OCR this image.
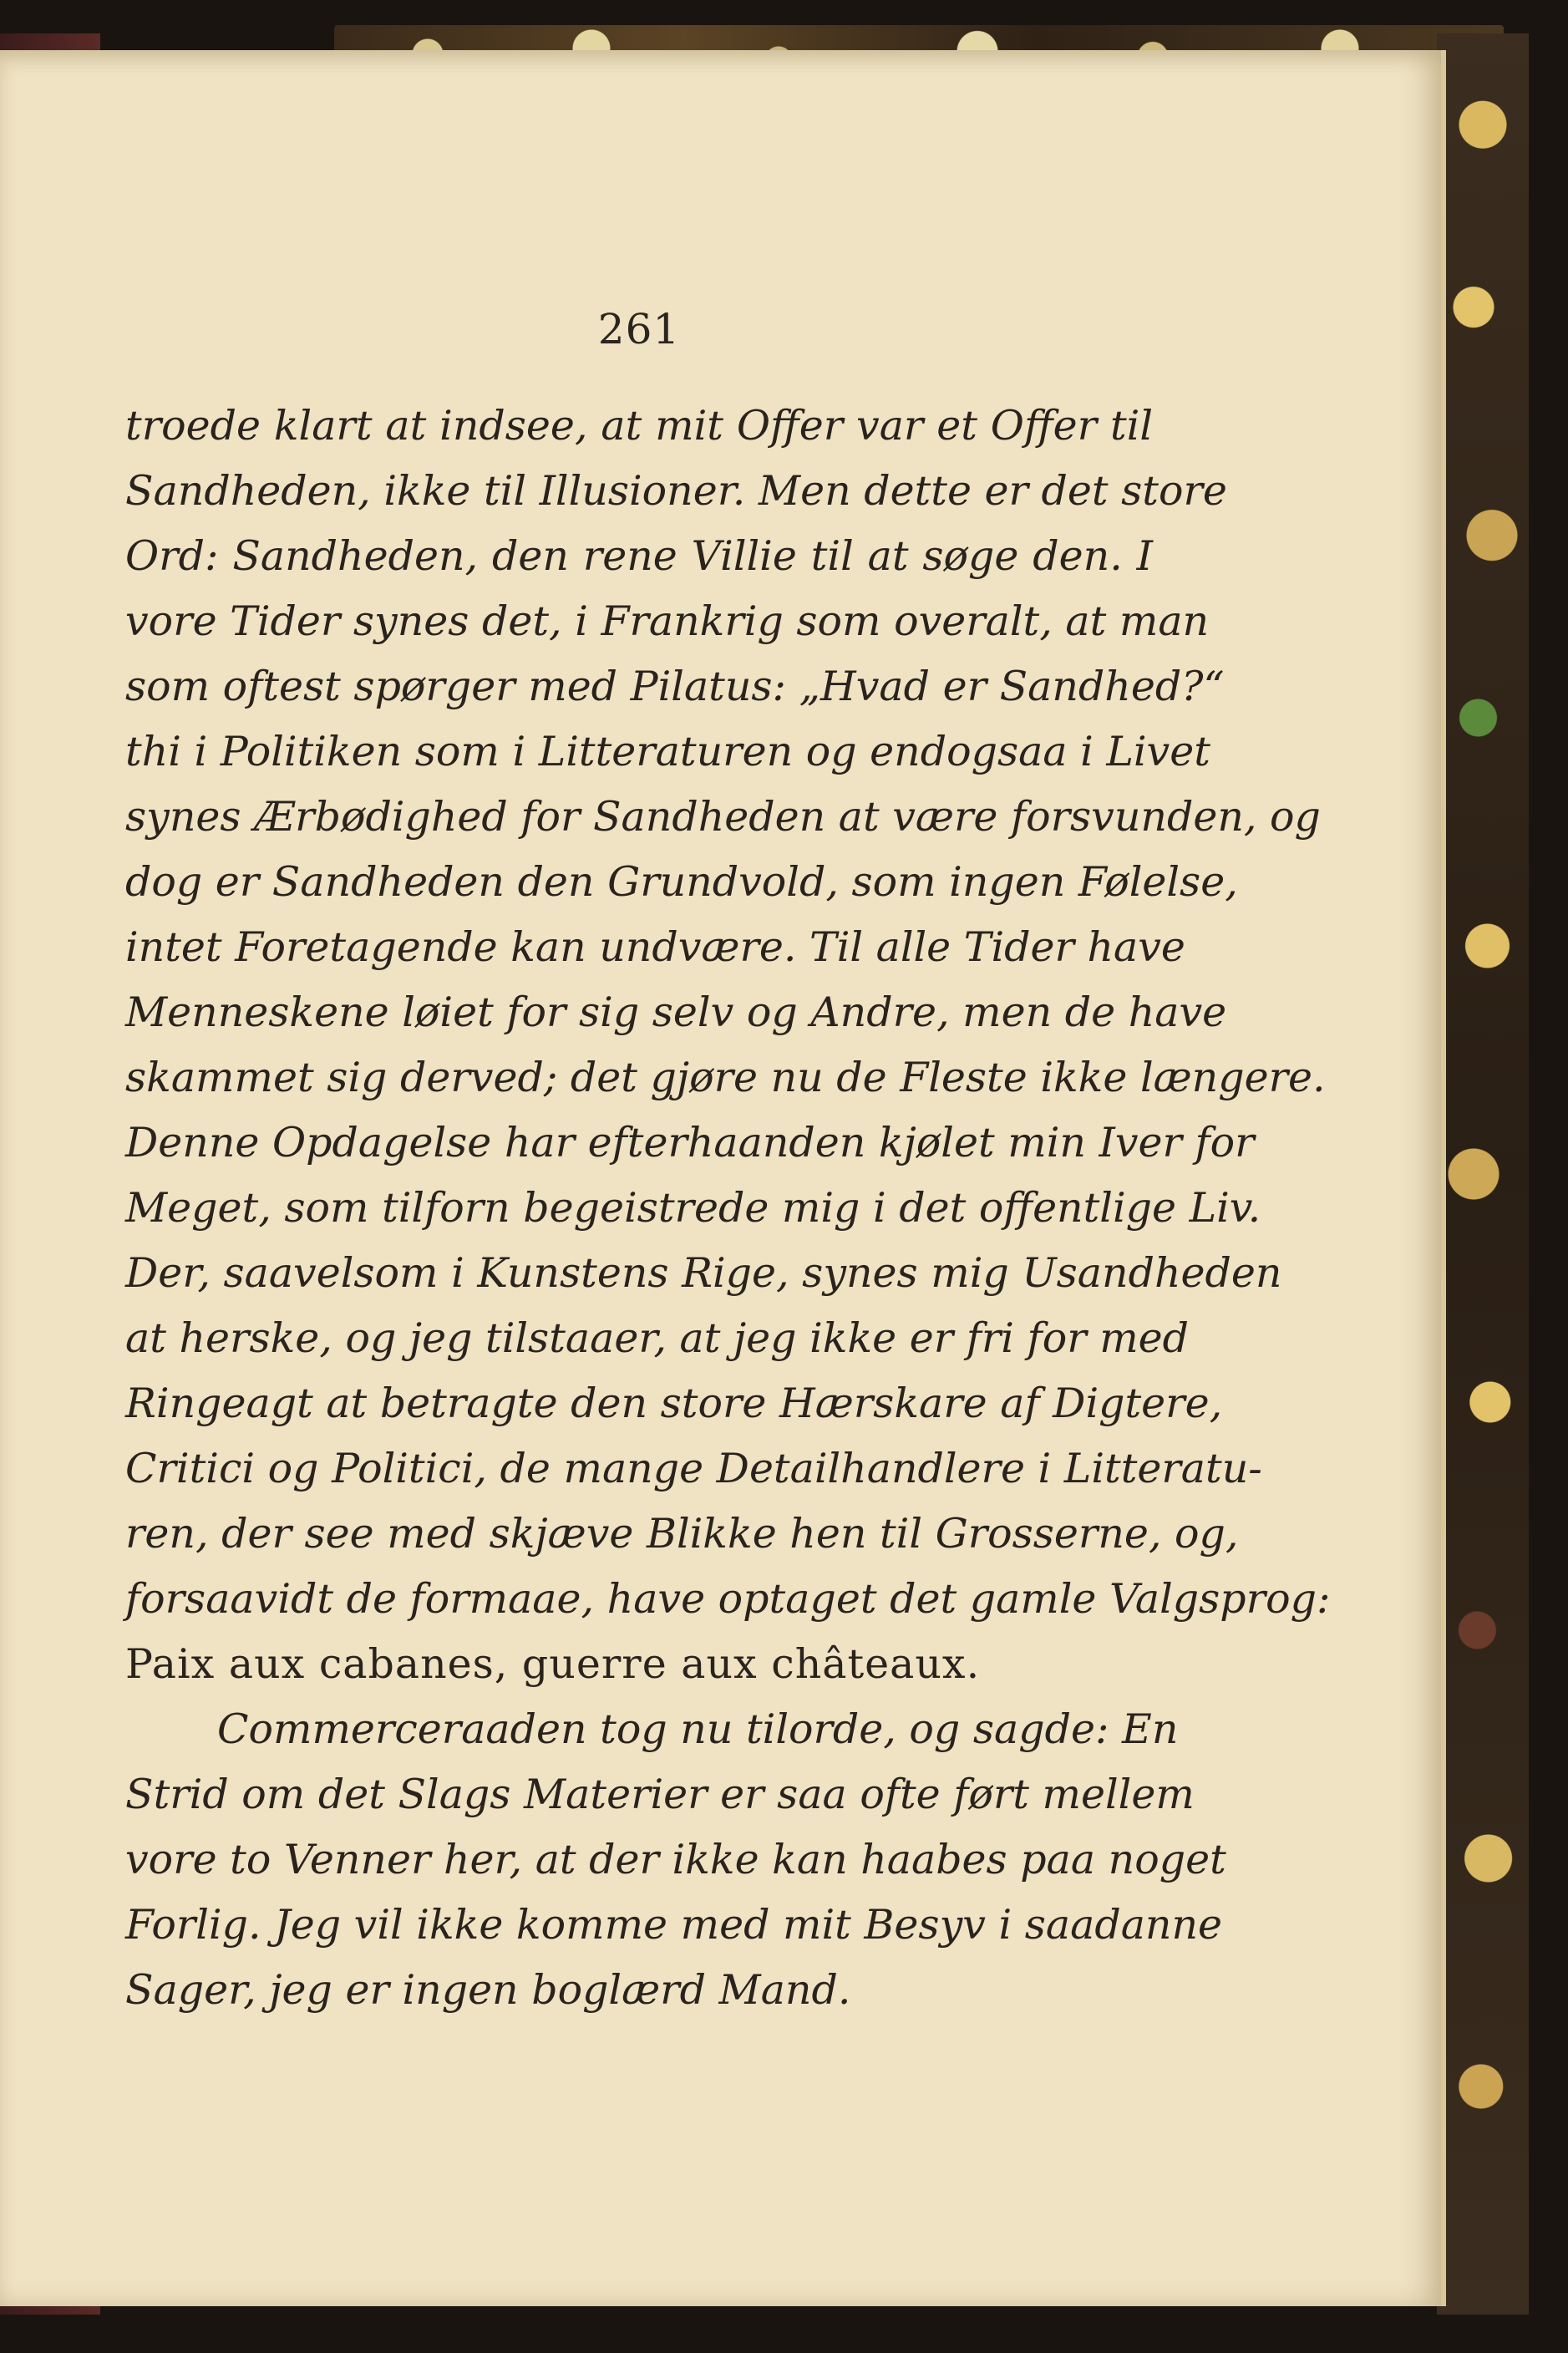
261
troede klart at indsee, at mit Offer var et Offer til
Sandheden, ikke til Illusioner. Men dette er det store
Ord: Sandheden, den rene Villie til at søge den. I
vore Tider synes det, i Frankrig som overalt, at man
som oftest spørger med Pilatus: „Hvad er Sandhed?“
thi i Politiken som i Litteraturen og endogsaa i Livet
synes Ærbødighed for Sandheden at være forsvunden, og
dog er Sandheden den Grundvold, som ingen Følelse,
intet Foretagende kan undvære. Til alle Tider have
Menneskene løiet for sig selv og Andre, men de have
skammet sig derved; det gjøre nu de Fleste ikke længere.
Denne Opdagelse har efterhaanden kjølet min Iver for
Meget, som tilforn begeistrede mig i det offentlige Liv.
Der, saavelsom i Kunstens Rige, synes mig Usandheden
at herske, og jeg tilstaaer, at jeg ikke er fri for med
Ringeagt at betragte den store Hærskare af Digtere,
Critici og Politici, de mange Detailhandlere i Litteratu-
ren, der see med skjæve Blikke hen til Grosserne, og,
forsaavidt de formaae, have optaget det gamle Valgsprog:
Paix aux cabanes, guerre aux châteaux.
Commerceraaden tog nu tilorde, og sagde: En
Strid om det Slags Materier er saa ofte ført mellem
vore to Venner her, at der ikke kan haabes paa noget
Forlig. Jeg vil ikke komme med mit Besyv i saadanne
Sager, jeg er ingen boglærd Mand.
